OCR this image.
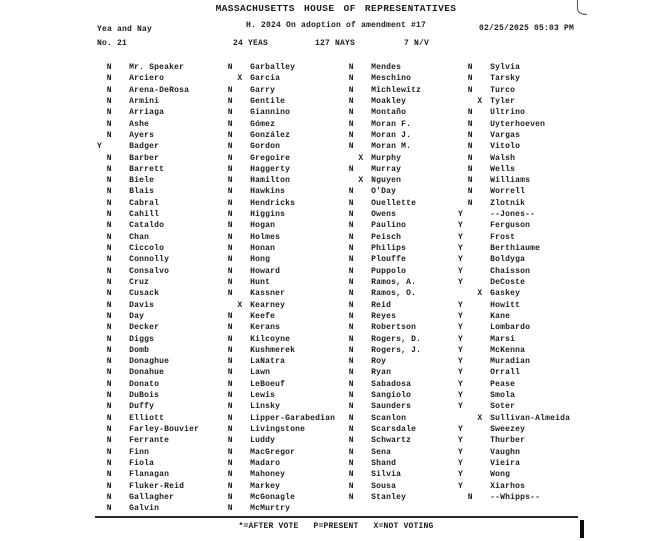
MASSACHUSETTS HOUSE OF REPRESENTATIVES
Yea and Nay	H. 2024 On adoption of amendment #17	02/25/2025 05:03 PM
No. 21	24 YEAS	127 NAYS	7 N/V
N	Mr. Speaker
N	Arciero
N	Arena-DeRosa
N	Armini
N	Arriaga
N	Ashe
N	Ayers
Y	Badger
N	Barber
N	Barrett
N	Biele
N	Blais
N	Cabral
N	Cahill
N	Cataldo
N	Chan
N	Ciccolo
N	Connolly
N	Consalvo
N	Cruz
N	Cusack
N	Davis
N	Day
N	Decker
N	Diggs
N	Domb
N	Donaghue
N	Donahue
N	Donato
N	DuBois
N	Duffy
N	Elliott
N	Farley-Bouvier
N	Ferrante
N	Finn
N	Fiola
N	Flanagan
N	Fluker-Reid
N	Gallagher
N	Galvin
N	Garballey
X Garcia
N	Garry
N	Gentile
N	Giannino
N	Gómez
N	González
N	Gordon
N	Gregoire
N	Haggerty
N	Hamilton
N	Hawkins
N	Hendricks
N	Higgins
N	Hogan
N	Holmes
N	Honan
N	Hong
N	Howard
N	Hunt
N	Kassner
X Kearney
N	Keefe
N	Kerans
N	Kilcoyne
N	Kushmerek
N	LaNatra
N	Lawn
N	LeBoeuf
N	Lewis
N	Linsky
N	Lipper-Garabedian
N	Livingstone
N	Luddy
N	MacGregor
N	Madaro
N	Mahoney
N	Markey
N	McGonagle
N	McMurtry
N	Mendes
N	Meschino
N	Michlewitz
N	Moakley
N	Montaño
N	Moran F.
N	Moran J.
N	Moran M.
X Murphy
N	Murray
X Nguyen
N	O'Day
N	Ouellette
N	Owens
N	Paulino
N	Peisch
N	Philips
N	Plouffe
N	Puppolo
N	Ramos, A.
N	Ramos, O.
N	Reid
N	Reyes
N	Robertson
N	Rogers, D.
N	Rogers, J.
N	Roy
N	Ryan
N	Sabadosa
N	Sangiolo
N	Saunders
N	Scanlon
N	Scarsdale
N	Schwartz
N	Sena
N	Shand
N	Silvia
N	Sousa
N	Stanley
N	Sylvia
N	Tarsky
N	Turco
X Tyler
N	Ultrino
N	Uyterhoeven
N	Vargas
N	Vitolo
N	Walsh
N	Wells
N	Williams
N	Worrell
N	Zlotnik
Y	--Jones--
Y	Ferguson
Y	Frost
Y	Berthiaume
Y	Boldyga
Y	Chaisson
Y	DeCoste
X Gaskey
Y	Howitt
Y	Kane
Y	Lombardo
Y	Marsi
Y	McKenna
Y	Muradian
Y	Orrall
Y	Pease
Y	Smola
Y	Soter
X Sullivan-Almeida
Y	Sweezey
Y	Thurber
Y	Vaughn
Y	Vieira
Y	Wong
Y	Xiarhos
N	--Whipps--
*=AFTER VOTE   P=PRESENT   X=NOT VOTING
